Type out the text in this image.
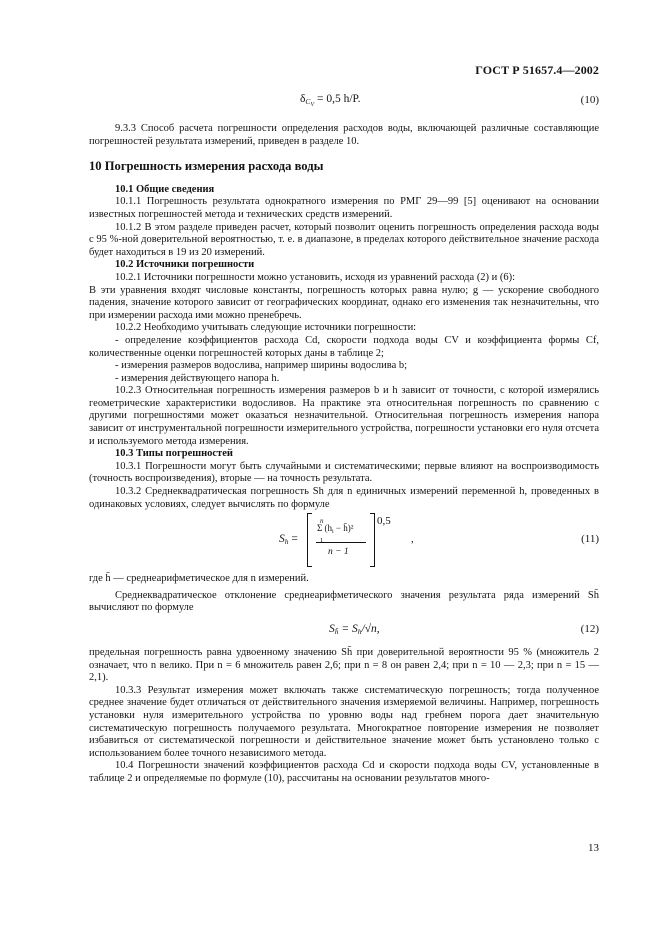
ГОСТ Р 51657.4—2002
$\delta_{CV} = 0,5$ h/P.	(10)

9.3.3 Способ расчета погрешности определения расходов воды, включающей различные составляющие погрешностей результата измерений, приведен в разделе 10.

10 Погрешность измерения расхода воды

10.1 Общие сведения

10.1.1 Погрешность результата однократного измерения по РМГ 29—99 [5] оценивают на основании известных погрешностей метода и технических средств измерений.

10.1.2 В этом разделе приведен расчет, который позволит оценить погрешность определения расхода воды с 95 %-ной доверительной вероятностью, т. е. в диапазоне, в пределах которого действительное значение расхода будет находиться в 19 из 20 измерений.

10.2 Источники погрешности

10.2.1 Источники погрешности можно установить, исходя из уравнений расхода (2) и (6):

В эти уравнения входят числовые константы, погрешность которых равна нулю; g — ускорение свободного падения, значение которого зависит от географических координат, однако его изменения так незначительны, что при измерении расхода ими можно пренебречь.

10.2.2 Необходимо учитывать следующие источники погрешности:

- определение коэффициентов расхода Cd, скорости подхода воды CV и коэффициента формы Cf, количественные оценки погрешностей которых даны в таблице 2;

- измерения размеров водослива, например ширины водослива b;

- измерения действующего напора h.

10.2.3 Относительная погрешность измерения размеров b и h зависит от точности, с которой измерялись геометрические характеристики водосливов. На практике эта относительная погрешность по сравнению с другими погрешностями может оказаться незначительной. Относительная погрешность измерения напора зависит от инструментальной погрешности измерительного устройства, погрешности установки его нуля отсчета и используемого метода измерения.

10.3 Типы погрешностей

10.3.1 Погрешности могут быть случайными и систематическими; первые влияют на воспроизводимость (точность воспроизведения), вторые — на точность результата.

10.3.2 Среднеквадратическая погрешность Sh для n единичных измерений переменной h, проведенных в одинаковых условиях, следует вычислять по формуле

$S_h$ =
n
Σ ($h_i$ − h̄)²
1
n − 1
0,5
,	(11)

где h̄ — среднеарифметическое для n измерений.

Среднеквадратическое отклонение среднеарифметического значения результата ряда измерений Sh̄ вычисляют по формуле

$S_{h̄} = S_h/√n$,	(12)

предельная погрешность равна удвоенному значению Sh̄ при доверительной вероятности 95 % (множитель 2 означает, что n велико. При n = 6 множитель равен 2,6; при n = 8 он равен 2,4; при n = 10 — 2,3; при n = 15 — 2,1).

10.3.3 Результат измерения может включать также систематическую погрешность; тогда полученное среднее значение будет отличаться от действительного значения измеряемой величины. Например, погрешность установки нуля измерительного устройства по уровню воды над гребнем порога дает значительную систематическую погрешность получаемого результата. Многократное повторение измерения не позволяет избавиться от систематической погрешности и действительное значение может быть установлено только с использованием более точного независимого метода.

10.4 Погрешности значений коэффициентов расхода Cd и скорости подхода воды CV, установленные в таблице 2 и определяемые по формуле (10), рассчитаны на основании результатов много-

13
